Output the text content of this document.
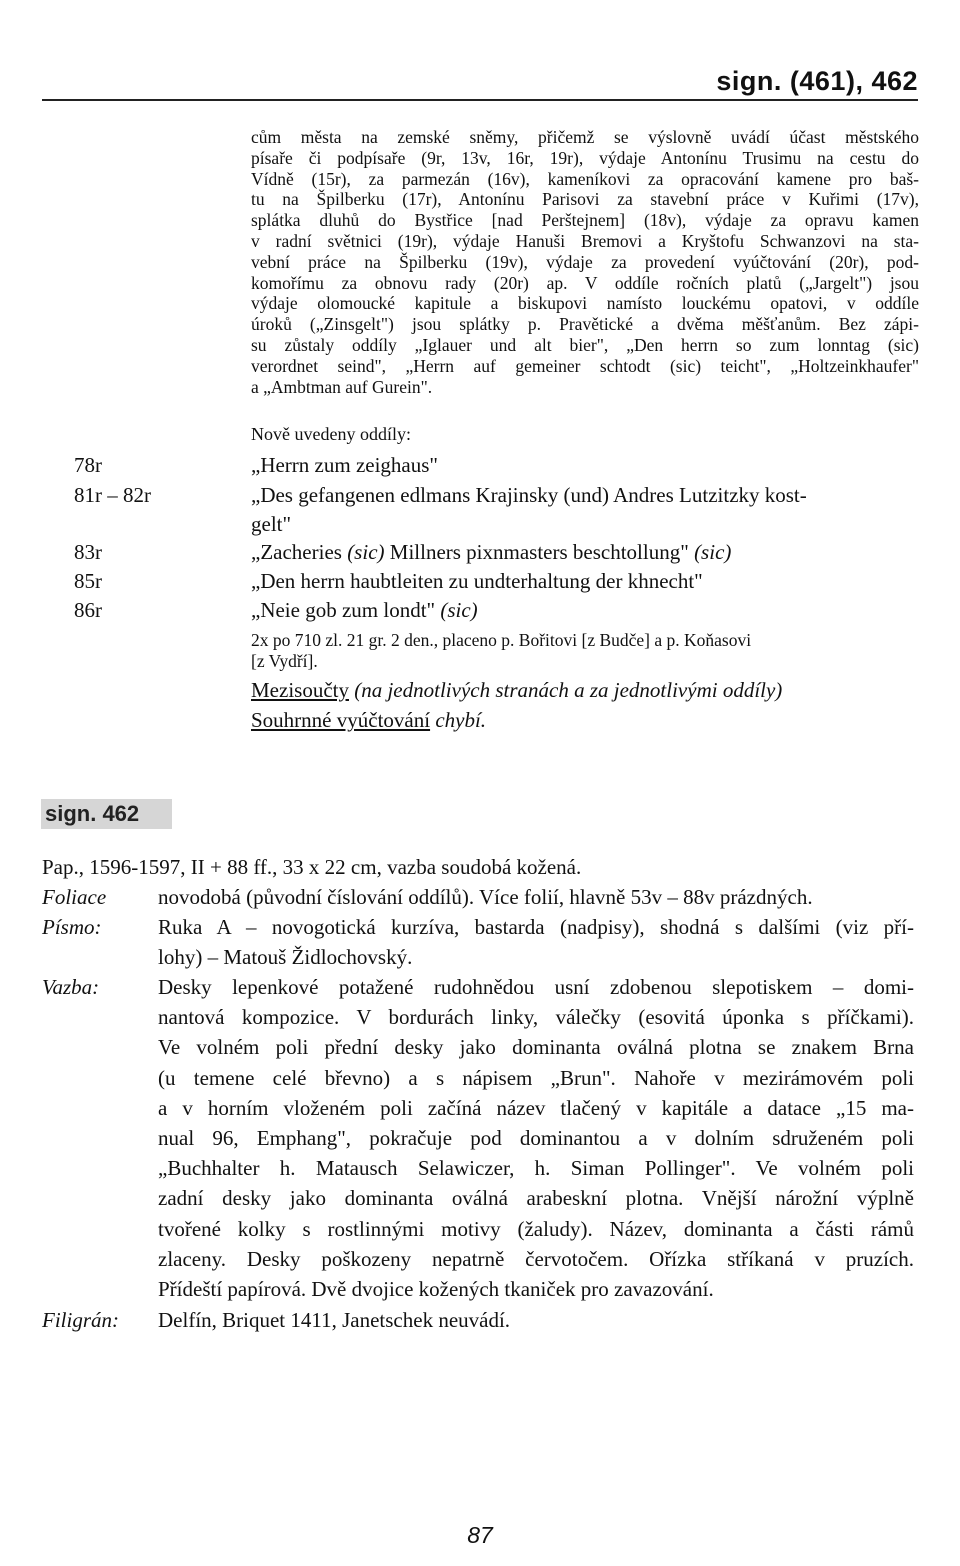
sign. (461), 462
cům města na zemské sněmy, přičemž se výslovně uvádí účast městského
písaře či podpísaře (9r, 13v, 16r, 19r), výdaje Antonínu Trusimu na cestu do
Vídně (15r), za parmezán (16v), kameníkovi za opracování kamene pro baš-
tu na Špilberku (17r), Antonínu Parisovi za stavební práce v Kuřimi (17v),
splátka dluhů do Bystřice [nad Perštejnem] (18v), výdaje za opravu kamen
v radní světnici (19r), výdaje Hanuši Bremovi a Kryštofu Schwanzovi na sta-
vební práce na Špilberku (19v), výdaje za provedení vyúčtování (20r), pod-
komořímu za obnovu rady (20r) ap. V oddíle ročních platů („Jargelt") jsou
výdaje olomoucké kapitule a biskupovi namísto louckému opatovi, v oddíle
úroků („Zinsgelt") jsou splátky p. Pravětické a dvěma měšťanům. Bez zápi-
su zůstaly oddíly „Iglauer und alt bier", „Den herrn so zum lonntag (sic)
verordnet seind", „Herrn auf gemeiner schtodt (sic) teicht", „Holtzeinkhaufer"
a „Ambtman auf Gurein".
Nově uvedeny oddíly:
78r	„Herrn zum zeighaus"
81r – 82r	„Des gefangenen edlmans Krajinsky (und) Andres Lutzitzky kost-
gelt"
83r	„Zacheries (sic) Millners pixnmasters beschtollung" (sic)
85r	„Den herrn haubtleiten zu undterhaltung der khnecht"
86r	„Neie gob zum londt" (sic)
2x po 710 zl. 21 gr. 2 den., placeno p. Bořitovi [z Budče] a p. Koňasovi
[z Vydří].
Mezisoučty (na jednotlivých stranách a za jednotlivými oddíly)
Souhrnné vyúčtování chybí.
sign. 462
Pap., 1596-1597, II + 88 ff., 33 x 22 cm, vazba soudobá kožená.
Foliace novodobá (původní číslování oddílů). Více folií, hlavně 53v – 88v prázdných.
Písmo:	Ruka A – novogotická kurzíva, bastarda (nadpisy), shodná s dalšími (viz pří-
lohy) – Matouš Židlochovský.
Vazba:	Desky lepenkové potažené rudohnědou usní zdobenou slepotiskem – domi-
nantová kompozice. V bordurách linky, válečky (esovitá úponka s příčkami).
Ve volném poli přední desky jako dominanta oválná plotna se znakem Brna
(u temene celé břevno) a s nápisem „Brun". Nahoře v mezirámovém poli
a v horním vloženém poli začíná název tlačený v kapitále a datace „15 ma-
nual 96, Emphang", pokračuje pod dominantou a v dolním sdruženém poli
„Buchhalter h. Matausch Selawiczer, h. Siman Pollinger". Ve volném poli
zadní desky jako dominanta oválná arabeskní plotna. Vnější nárožní výplně
tvořené kolky s rostlinnými motivy (žaludy). Název, dominanta a části rámů
zlaceny. Desky poškozeny nepatrně červotočem. Ořízka stříkaná v pruzích.
Přídeští papírová. Dvě dvojice kožených tkaniček pro zavazování.
Filigrán: Delfín, Briquet 1411, Janetschek neuvádí.
87
